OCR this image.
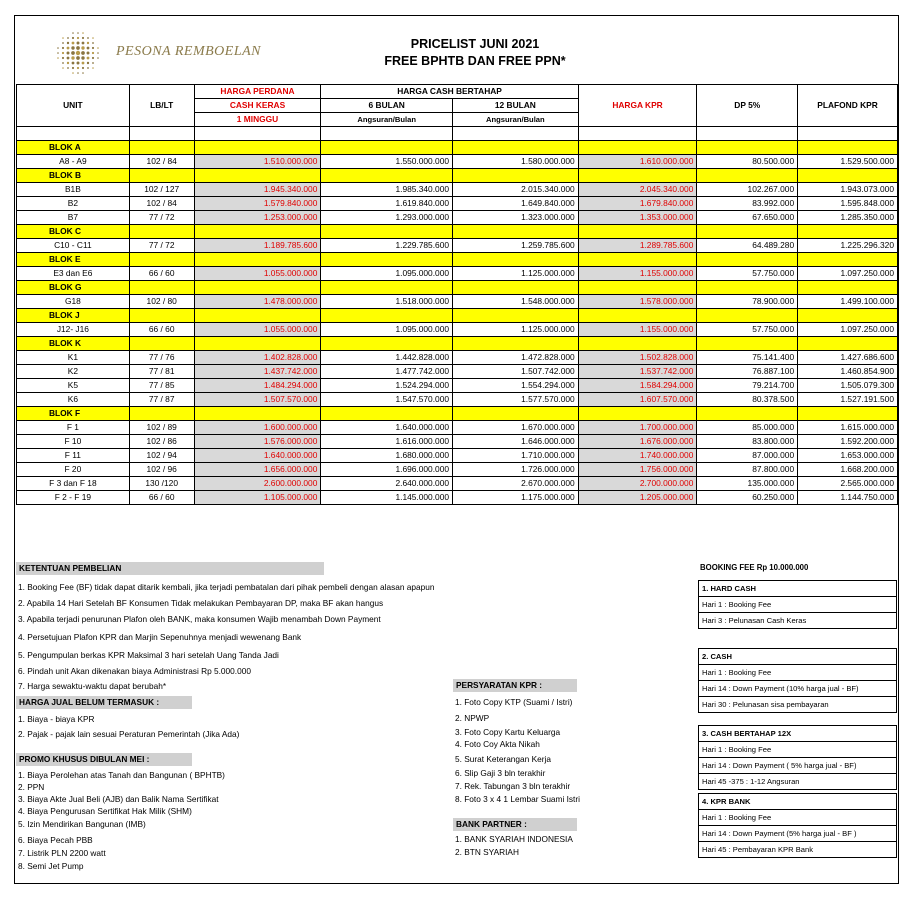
PESONA REMBOELAN	PRICELIST JUNI 2021
FREE BPHTB DAN FREE PPN*
UNIT	LB/LT	HARGA PERDANA	HARGA CASH BERTAHAP		HARGA KPR	DP 5%	PLAFOND KPR
		CASH KERAS	6 BULAN	12 BULAN			
		1 MINGGU	Angsuran/Bulan	Angsuran/Bulan			

BLOK A							
A8 - A9	102 / 84	1.510.000.000	1.550.000.000	1.580.000.000	1.610.000.000	80.500.000	1.529.500.000
BLOK B							
B1B	102 / 127	1.945.340.000	1.985.340.000	2.015.340.000	2.045.340.000	102.267.000	1.943.073.000
B2	102 / 84	1.579.840.000	1.619.840.000	1.649.840.000	1.679.840.000	83.992.000	1.595.848.000
B7	77 / 72	1.253.000.000	1.293.000.000	1.323.000.000	1.353.000.000	67.650.000	1.285.350.000
BLOK C							
C10 - C11	77 / 72	1.189.785.600	1.229.785.600	1.259.785.600	1.289.785.600	64.489.280	1.225.296.320
BLOK E							
E3 dan E6	66 / 60	1.055.000.000	1.095.000.000	1.125.000.000	1.155.000.000	57.750.000	1.097.250.000
BLOK G							
G18	102 / 80	1.478.000.000	1.518.000.000	1.548.000.000	1.578.000.000	78.900.000	1.499.100.000
BLOK J							
J12- J16	66 / 60	1.055.000.000	1.095.000.000	1.125.000.000	1.155.000.000	57.750.000	1.097.250.000
BLOK K							
K1	77 / 76	1.402.828.000	1.442.828.000	1.472.828.000	1.502.828.000	75.141.400	1.427.686.600
K2	77 / 81	1.437.742.000	1.477.742.000	1.507.742.000	1.537.742.000	76.887.100	1.460.854.900
K5	77 / 85	1.484.294.000	1.524.294.000	1.554.294.000	1.584.294.000	79.214.700	1.505.079.300
K6	77 / 87	1.507.570.000	1.547.570.000	1.577.570.000	1.607.570.000	80.378.500	1.527.191.500
BLOK F							
F 1	102 / 89	1.600.000.000	1.640.000.000	1.670.000.000	1.700.000.000	85.000.000	1.615.000.000
F 10	102 / 86	1.576.000.000	1.616.000.000	1.646.000.000	1.676.000.000	83.800.000	1.592.200.000
F 11	102 / 94	1.640.000.000	1.680.000.000	1.710.000.000	1.740.000.000	87.000.000	1.653.000.000
F 20	102 / 96	1.656.000.000	1.696.000.000	1.726.000.000	1.756.000.000	87.800.000	1.668.200.000
F 3 dan F 18	130 /120	2.600.000.000	2.640.000.000	2.670.000.000	2.700.000.000	135.000.000	2.565.000.000
F 2 - F 19	66 / 60	1.105.000.000	1.145.000.000	1.175.000.000	1.205.000.000	60.250.000	1.144.750.000
KETENTUAN PEMBELIAN
1. Booking Fee (BF) tidak dapat ditarik kembali, jika terjadi pembatalan dari pihak pembeli dengan alasan apapun
2. Apabila 14 Hari Setelah BF Konsumen Tidak melakukan Pembayaran DP, maka BF akan hangus
3. Apabila terjadi penurunan Plafon oleh BANK, maka konsumen Wajib menambah Down Payment
4. Persetujuan Plafon KPR dan Marjin Sepenuhnya menjadi wewenang Bank
5. Pengumpulan berkas KPR Maksimal 3 hari setelah Uang Tanda Jadi
6. Pindah unit Akan dikenakan biaya Administrasi Rp 5.000.000
7. Harga sewaktu-waktu dapat berubah*
HARGA JUAL BELUM TERMASUK :
1. Biaya - biaya KPR
2. Pajak - pajak lain sesuai Peraturan Pemerintah (Jika Ada)
PROMO KHUSUS DIBULAN MEI :
1. Biaya Perolehan atas Tanah dan Bangunan ( BPHTB)
2. PPN
3. Biaya Akte Jual Beli (AJB) dan Balik Nama Sertifikat
4. Biaya Pengurusan Sertifikat Hak Milik (SHM)
5. Izin Mendirikan Bangunan (IMB)
6. Biaya Pecah PBB
7. Listrik PLN 2200 watt
8. Semi Jet Pump
PERSYARATAN KPR :
1. Foto Copy KTP (Suami / Istri)
2. NPWP
3. Foto Copy Kartu Keluarga
4. Foto Coy Akta Nikah
5. Surat Keterangan Kerja
6. Slip Gaji 3 bln terakhir
7. Rek. Tabungan 3 bln terakhir
8. Foto 3 x 4 1 Lembar Suami Istri
BANK PARTNER :
1. BANK SYARIAH INDONESIA
2. BTN SYARIAH
BOOKING FEE Rp 10.000.000
1. HARD CASH
Hari 1 : Booking Fee
Hari 3 : Pelunasan Cash Keras
2. CASH
Hari 1 : Booking Fee
Hari 14 : Down Payment (10% harga jual - BF)
Hari 30 : Pelunasan sisa pembayaran
3. CASH BERTAHAP 12X
Hari 1 : Booking Fee
Hari 14 : Down Payment ( 5% harga jual - BF)
Hari 45 -375 : 1-12 Angsuran
4. KPR BANK
Hari 1 : Booking Fee
Hari 14 : Down Payment (5% harga jual - BF )
Hari 45 : Pembayaran KPR Bank
